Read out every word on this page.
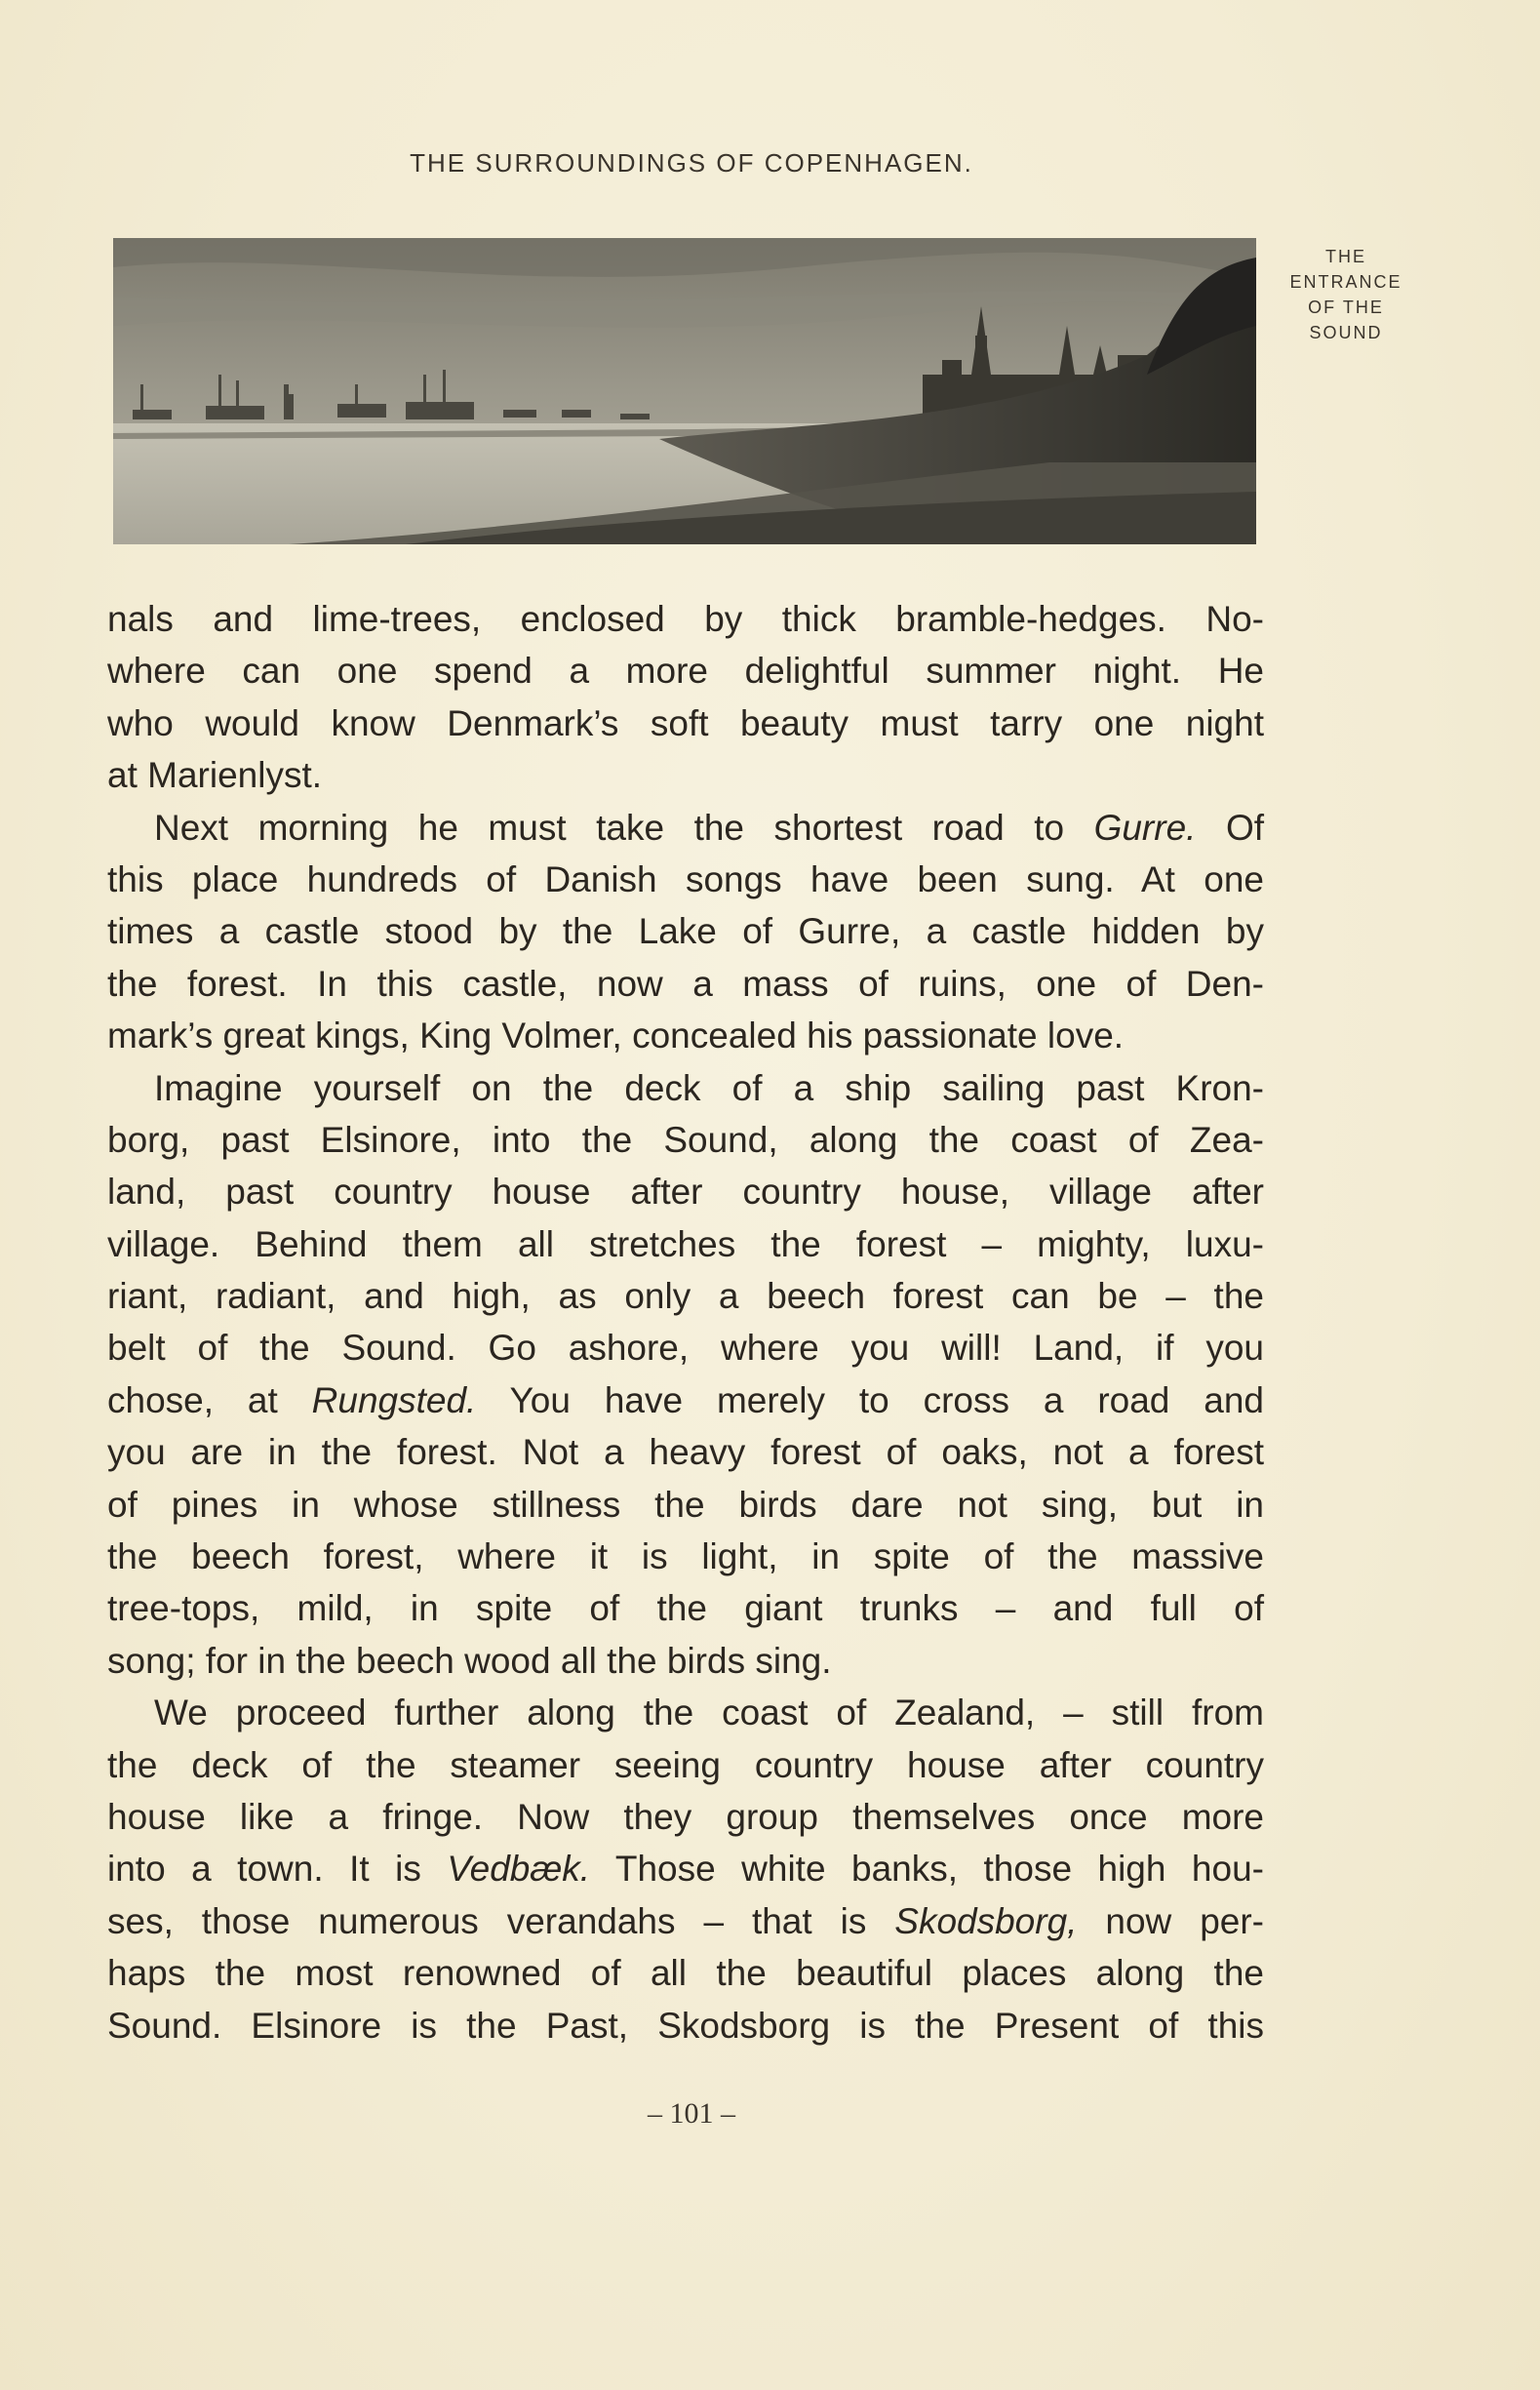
THE SURROUNDINGS OF COPENHAGEN.
THE
ENTRANCE
OF THE
SOUND
nals and lime-trees, enclosed by thick bramble-hedges. No-
where can one spend a more delightful summer night. He
who would know Denmark’s soft beauty must tarry one night
at Marienlyst.
Next morning he must take the shortest road to Gurre. Of
this place hundreds of Danish songs have been sung. At one
times a castle stood by the Lake of Gurre, a castle hidden by
the forest. In this castle, now a mass of ruins, one of Den-
mark’s great kings, King Volmer, concealed his passionate love.
Imagine yourself on the deck of a ship sailing past Kron-
borg, past Elsinore, into the Sound, along the coast of Zea-
land, past country house after country house, village after
village. Behind them all stretches the forest – mighty, luxu-
riant, radiant, and high, as only a beech forest can be – the
belt of the Sound. Go ashore, where you will! Land, if you
chose, at Rungsted. You have merely to cross a road and
you are in the forest. Not a heavy forest of oaks, not a forest
of pines in whose stillness the birds dare not sing, but in
the beech forest, where it is light, in spite of the massive
tree-tops, mild, in spite of the giant trunks – and full of
song; for in the beech wood all the birds sing.
We proceed further along the coast of Zealand, – still from
the deck of the steamer seeing country house after country
house like a fringe. Now they group themselves once more
into a town. It is Vedbæk. Those white banks, those high hou-
ses, those numerous verandahs – that is Skodsborg, now per-
haps the most renowned of all the beautiful places along the
Sound. Elsinore is the Past, Skodsborg is the Present of this
– 101 –
